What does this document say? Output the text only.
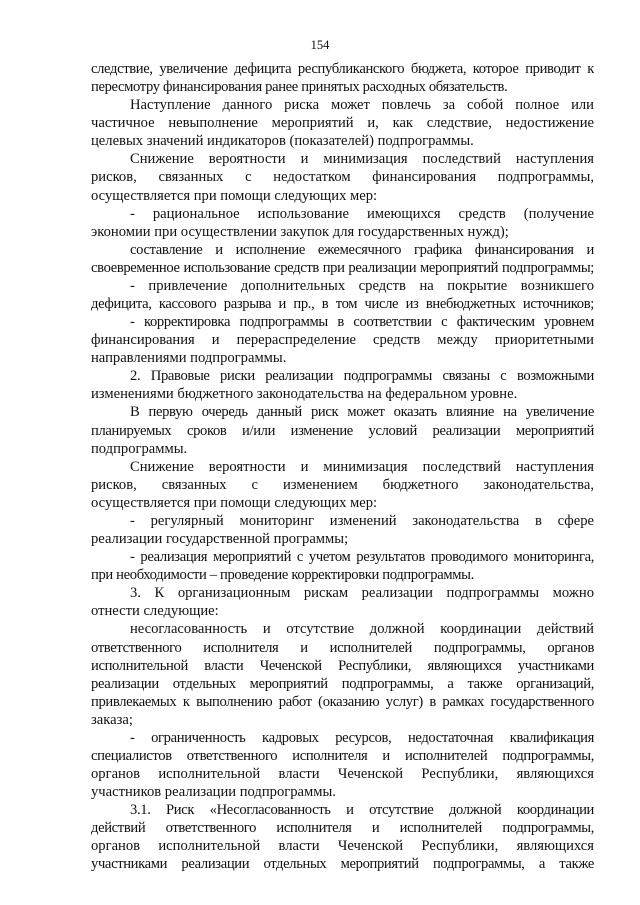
154
следствие, увеличение дефицита республиканского бюджета, которое приводит к
пересмотру финансирования ранее принятых расходных обязательств.
Наступление данного риска может повлечь за собой полное или
частичное невыполнение мероприятий и, как следствие, недостижение
целевых значений индикаторов (показателей) подпрограммы.
Снижение вероятности и минимизация последствий наступления
рисков, связанных с недостатком финансирования подпрограммы,
осуществляется при помощи следующих мер:
- рациональное использование имеющихся средств (получение
экономии при осуществлении закупок для государственных нужд);
составление и исполнение ежемесячного графика финансирования и
своевременное использование средств при реализации мероприятий подпрограммы;
- привлечение дополнительных средств на покрытие возникшего
дефицита, кассового разрыва и пр., в том числе из внебюджетных источников;
- корректировка подпрограммы в соответствии с фактическим уровнем
финансирования и перераспределение средств между приоритетными
направлениями подпрограммы.
2. Правовые риски реализации подпрограммы связаны с возможными
изменениями бюджетного законодательства на федеральном уровне.
В первую очередь данный риск может оказать влияние на увеличение
планируемых сроков и/или изменение условий реализации мероприятий
подпрограммы.
Снижение вероятности и минимизация последствий наступления
рисков, связанных с изменением бюджетного законодательства,
осуществляется при помощи следующих мер:
- регулярный мониторинг изменений законодательства в сфере
реализации государственной программы;
- реализация мероприятий с учетом результатов проводимого мониторинга,
при необходимости – проведение корректировки подпрограммы.
3. К организационным рискам реализации подпрограммы можно
отнести следующие:
несогласованность и отсутствие должной координации действий
ответственного исполнителя и исполнителей подпрограммы, органов
исполнительной власти Чеченской Республики, являющихся участниками
реализации отдельных мероприятий подпрограммы, а также организаций,
привлекаемых к выполнению работ (оказанию услуг) в рамках государственного
заказа;
- ограниченность кадровых ресурсов, недостаточная квалификация
специалистов ответственного исполнителя и исполнителей подпрограммы,
органов исполнительной власти Чеченской Республики, являющихся
участников реализации подпрограммы.
3.1. Риск «Несогласованность и отсутствие должной координации
действий ответственного исполнителя и исполнителей подпрограммы,
органов исполнительной власти Чеченской Республики, являющихся
участниками реализации отдельных мероприятий подпрограммы, а также
